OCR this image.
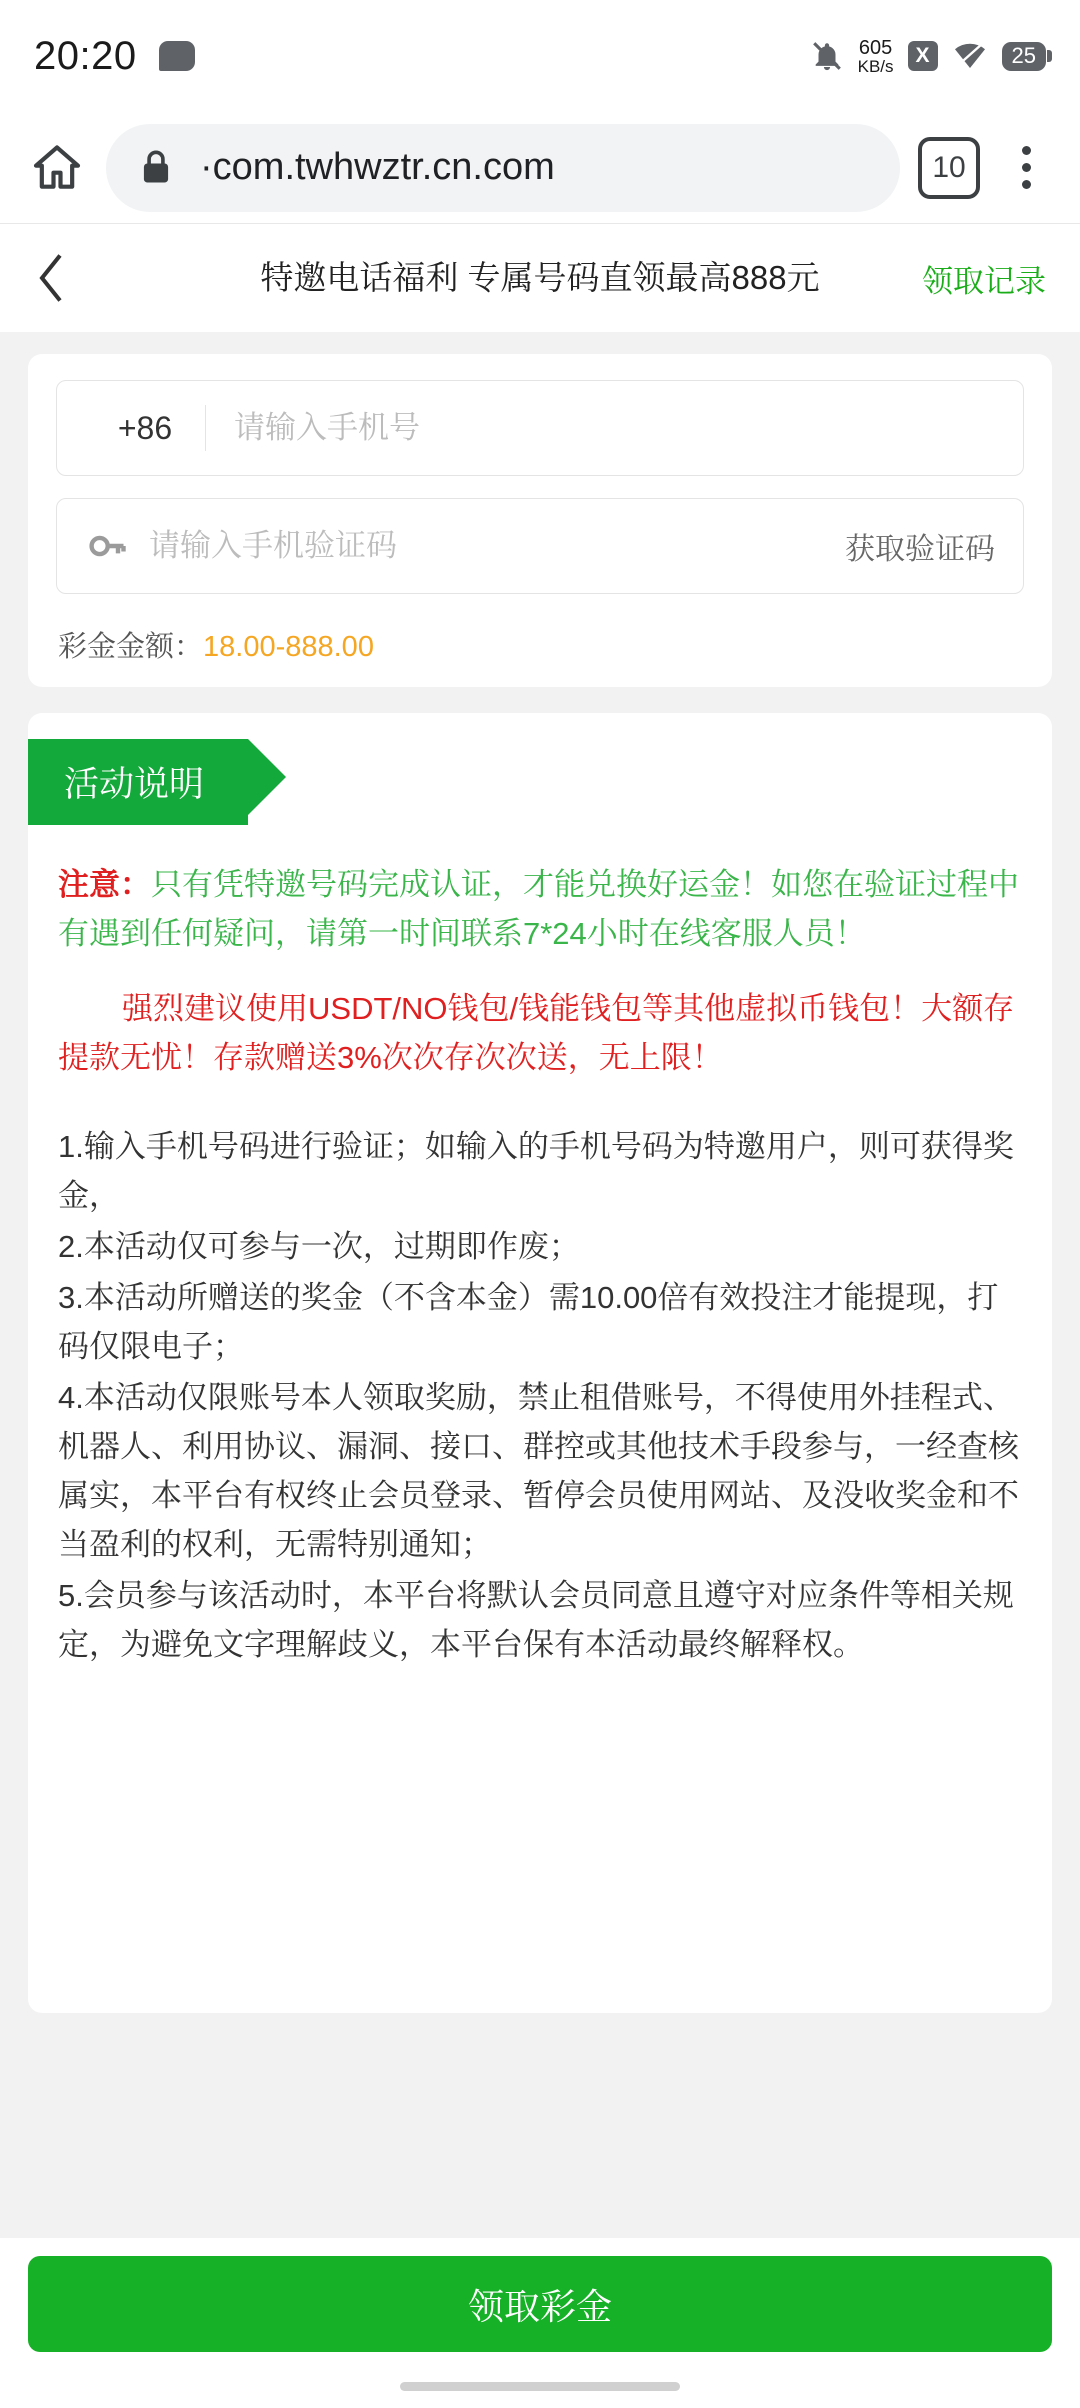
20:20	605
KB/s	X	25
·com.twhwztr.cn.com	10
特邀电话福利 专属号码直领最高888元	领取记录
+86
请输入手机号
请输入手机验证码
获取验证码
彩金金额：18.00-888.00
活动说明
注意：只有凭特邀号码完成认证，才能兑换好运金！如您在验证过程中有遇到任何疑问，请第一时间联系7*24小时在线客服人员！
强烈建议使用USDT/NO钱包/钱能钱包等其他虚拟币钱包！大额存提款无忧！存款赠送3%次次存次次送，无上限！

1.输入手机号码进行验证；如输入的手机号码为特邀用户，则可获得奖金，

2.本活动仅可参与一次，过期即作废；

3.本活动所赠送的奖金（不含本金）需10.00倍有效投注才能提现，打码仅限电子；

4.本活动仅限账号本人领取奖励，禁止租借账号，不得使用外挂程式、机器人、利用协议、漏洞、接口、群控或其他技术手段参与，一经查核属实，本平台有权终止会员登录、暂停会员使用网站、及没收奖金和不当盈利的权利，无需特别通知；

5.会员参与该活动时，本平台将默认会员同意且遵守对应条件等相关规定，为避免文字理解歧义，本平台保有本活动最终解释权。

领取彩金
